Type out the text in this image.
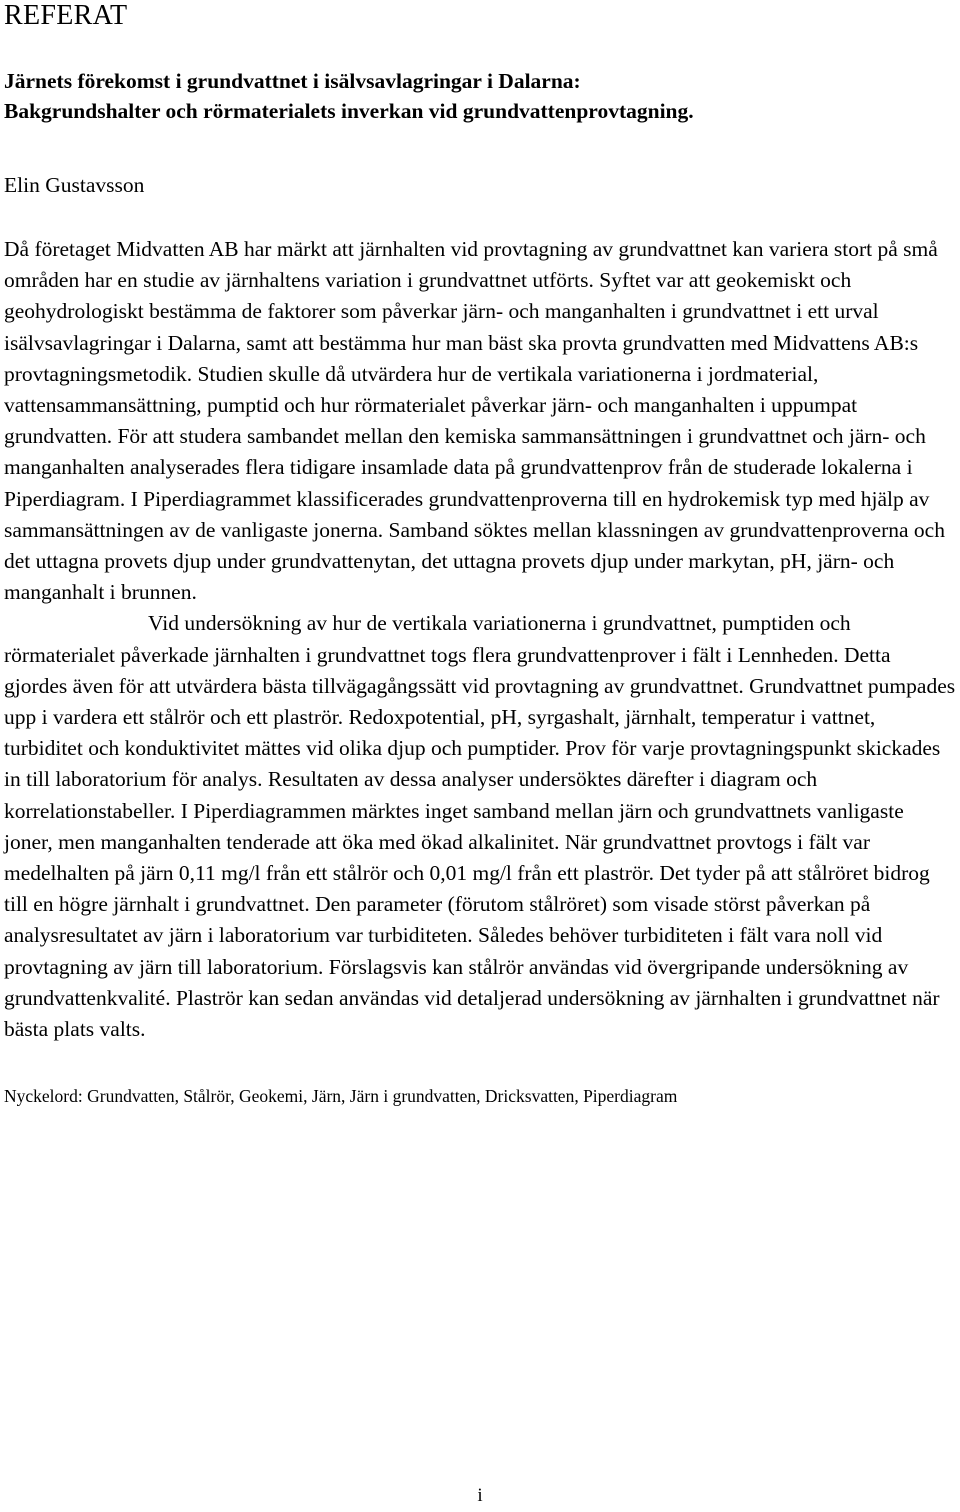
REFERAT
Järnets förekomst i grundvattnet i isälvsavlagringar i Dalarna:
Bakgrundshalter och rörmaterialets inverkan vid grundvattenprovtagning.
Elin Gustavsson

Då företaget Midvatten AB har märkt att järnhalten vid provtagning av grundvattnet kan variera stort på små områden har en studie av järnhaltens variation i grundvattnet utförts. Syftet var att geokemiskt och geohydrologiskt bestämma de faktorer som påverkar järn- och manganhalten i grundvattnet i ett urval isälvsavlagringar i Dalarna, samt att bestämma hur man bäst ska provta grundvatten med Midvattens AB:s provtagningsmetodik. Studien skulle då utvärdera hur de vertikala variationerna i jordmaterial, vattensammansättning, pumptid och hur rörmaterialet påverkar järn- och manganhalten i uppumpat grundvatten. För att studera sambandet mellan den kemiska sammansättningen i grundvattnet och järn- och manganhalten analyserades flera tidigare insamlade data på grundvattenprov från de studerade lokalerna i Piperdiagram. I Piperdiagrammet klassificerades grundvattenproverna till en hydrokemisk typ med hjälp av sammansättningen av de vanligaste jonerna. Samband söktes mellan klassningen av grundvattenproverna och det uttagna provets djup under grundvattenytan, det uttagna provets djup under markytan, pH, järn- och manganhalt i brunnen.

Vid undersökning av hur de vertikala variationerna i grundvattnet, pumptiden och rörmaterialet påverkade järnhalten i grundvattnet togs flera grundvattenprover i fält i Lennheden. Detta gjordes även för att utvärdera bästa tillvägagångssätt vid provtagning av grundvattnet. Grundvattnet pumpades upp i vardera ett stålrör och ett plaströr. Redoxpotential, pH, syrgashalt, järnhalt, temperatur i vattnet, turbiditet och konduktivitet mättes vid olika djup och pumptider. Prov för varje provtagningspunkt skickades in till laboratorium för analys. Resultaten av dessa analyser undersöktes därefter i diagram och korrelationstabeller. I Piperdiagrammen märktes inget samband mellan järn och grundvattnets vanligaste joner, men manganhalten tenderade att öka med ökad alkalinitet. När grundvattnet provtogs i fält var medelhalten på järn 0,11 mg/l från ett stålrör och 0,01 mg/l från ett plaströr. Det tyder på att stålröret bidrog till en högre järnhalt i grundvattnet. Den parameter (förutom stålröret) som visade störst påverkan på analysresultatet av järn i laboratorium var turbiditeten. Således behöver turbiditeten i fält vara noll vid provtagning av järn till laboratorium. Förslagsvis kan stålrör användas vid övergripande undersökning av grundvattenkvalité. Plaströr kan sedan användas vid detaljerad undersökning av järnhalten i grundvattnet när bästa plats valts.

Nyckelord: Grundvatten, Stålrör, Geokemi, Järn, Järn i grundvatten, Dricksvatten, Piperdiagram
i
